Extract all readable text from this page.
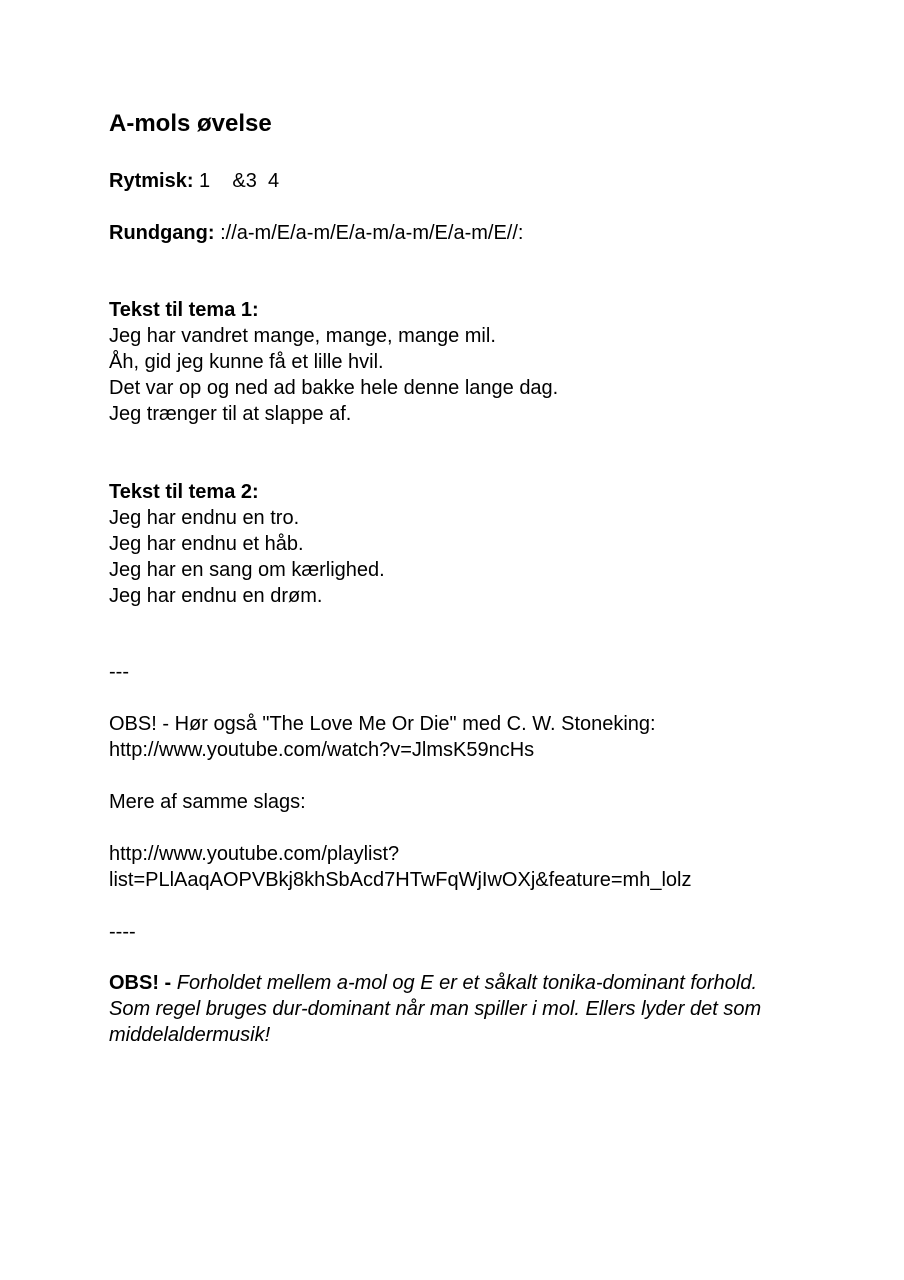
A-mols øvelse
Rytmisk: 1    &3  4
Rundgang: ://a-m/E/a-m/E/a-m/a-m/E/a-m/E//:
Tekst til tema 1:
Jeg har vandret mange, mange, mange mil.
Åh, gid jeg kunne få et lille hvil.
Det var op og ned ad bakke hele denne lange dag.
Jeg trænger til at slappe af.
Tekst til tema 2:
Jeg har endnu en tro.
Jeg har endnu et håb.
Jeg har en sang om kærlighed.
Jeg har endnu en drøm.
---
OBS! - Hør også "The Love Me Or Die" med C. W. Stoneking:
http://www.youtube.com/watch?v=JlmsK59ncHs
Mere af samme slags:
http://www.youtube.com/playlist?
list=PLlAaqAOPVBkj8khSbAcd7HTwFqWjIwOXj&feature=mh_lolz
----
OBS! - Forholdet mellem a-mol og E er et såkalt tonika-dominant forhold. Som regel bruges dur-dominant når man spiller i mol. Ellers lyder det som middelaldermusik!
